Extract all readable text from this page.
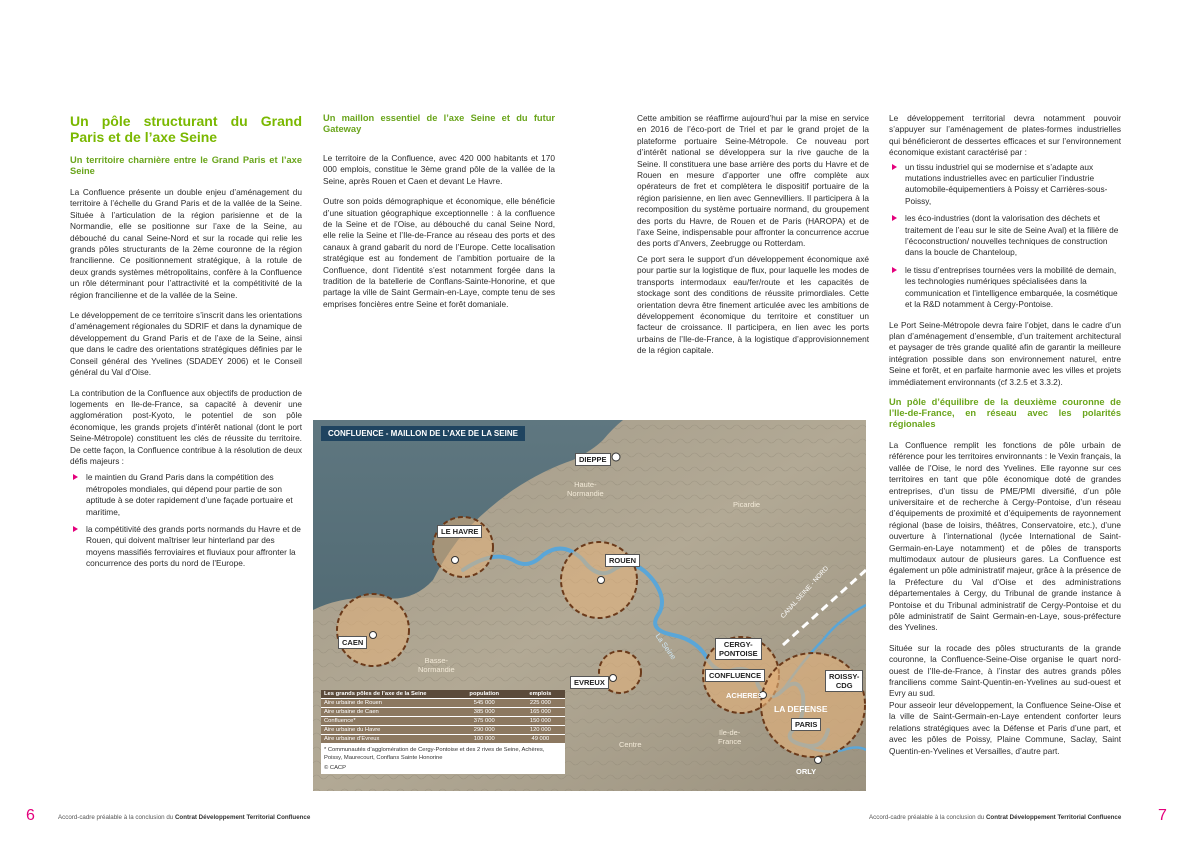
Un pôle structurant du Grand Paris et de l’axe Seine
Un territoire charnière entre le Grand Paris et l’axe Seine

La Confluence présente un double enjeu d’aménagement du territoire à l’échelle du Grand Paris et de la vallée de la Seine. Située à l’articulation de la région parisienne et de la Normandie, elle se positionne sur l’axe de la Seine, au débouché du canal Seine-Nord et sur la rocade qui relie les grands pôles structurants de la 2ème couronne de la région francilienne. Ce positionnement stratégique, à la rotule de deux grands systèmes métropolitains, confère à la Confluence un rôle déterminant pour l’attractivité et la compétitivité de la région francilienne et de la vallée de la Seine.

Le développement de ce territoire s’inscrit dans les orientations d’aménagement régionales du SDRIF et dans la dynamique de développement du Grand Paris et de l’axe de la Seine, ainsi que dans le cadre des orientations stratégiques définies par le Conseil général des Yvelines (SDADEY 2006) et le Conseil général du Val d’Oise.

La contribution de la Confluence aux objectifs de production de logements en Ile-de-France, sa capacité à devenir une agglomération post-Kyoto, le potentiel de son pôle économique, les grands projets d’intérêt national (dont le port Seine-Métropole) constituent les clés de réussite du territoire. De cette façon, la Confluence contribue à la résolution de deux défis majeurs :

le maintien du Grand Paris dans la compétition des métropoles mondiales, qui dépend pour partie de son aptitude à se doter rapidement d’une façade portuaire et maritime,
la compétitivité des grands ports normands du Havre et de Rouen, qui doivent maîtriser leur hinterland par des moyens massifiés ferroviaires et fluviaux pour affronter la concurrence des ports du nord de l’Europe.
Un maillon essentiel de l’axe Seine et du futur Gateway

Le territoire de la Confluence, avec 420 000 habitants et 170 000 emplois, constitue le 3ème grand pôle de la vallée de la Seine, après Rouen et Caen et devant Le Havre.

Outre son poids démographique et économique, elle bénéficie d’une situation géographique exceptionnelle : à la confluence de la Seine et de l’Oise, au débouché du canal Seine Nord, elle relie la Seine et l’Ile-de-France au réseau des ports et des canaux à grand gabarit du nord de l’Europe. Cette localisation stratégique est au fondement de l’ambition portuaire de la Confluence, dont l’identité s’est notamment forgée dans la tradition de la batellerie de Conflans-Sainte-Honorine, et que partage la ville de Saint Germain-en-Laye, compte tenu de ses emprises foncières entre Seine et forêt domaniale.

Cette ambition se réaffirme aujourd’hui par la mise en service en 2016 de l’éco-port de Triel et par le grand projet de la plateforme portuaire Seine-Métropole. Ce nouveau port d’intérêt national se développera sur la rive gauche de la Seine. Il constituera une base arrière des ports du Havre et de Rouen en mesure d’apporter une offre complète aux opérateurs de fret et complètera le dispositif portuaire de la région parisienne, en lien avec Gennevilliers. Il participera à la recomposition du système portuaire normand, du groupement des ports du Havre, de Rouen et de Paris (HAROPA) et de l’axe Seine, indispensable pour affronter la concurrence accrue des ports d’Anvers, Zeebrugge ou Rotterdam.

Ce port sera le support d’un développement économique axé pour partie sur la logistique de flux, pour laquelle les modes de transports intermodaux eau/fer/route et les capacités de stockage sont des conditions de réussite primordiales. Cette orientation devra être finement articulée avec les ambitions de développement économique du territoire et constituer un facteur de croissance. Il participera, en lien avec les ports urbains de l’Ile-de-France, à la logistique d’approvisionnement de la région capitale.

Le développement territorial devra notamment pouvoir s’appuyer sur l’aménagement de plates-formes industrielles qui bénéficieront de dessertes efficaces et sur l’environnement économique existant caractérisé par :

un tissu industriel qui se modernise et s’adapte aux mutations industrielles avec en particulier l’industrie automobile-équipementiers à Poissy et Carrières-sous-Poissy,
les éco-industries (dont la valorisation des déchets et traitement de l’eau sur le site de Seine Aval) et la filière de l’écoconstruction/ nouvelles techniques de construction dans la boucle de Chanteloup,
le tissu d’entreprises tournées vers la mobilité de demain, les technologies numériques spécialisées dans la communication et l’intelligence embarquée, la cosmétique et la R&D notamment à Cergy-Pontoise.

Le Port Seine-Métropole devra faire l’objet, dans le cadre d’un plan d’aménagement d’ensemble, d’un traitement architectural et paysager de très grande qualité afin de garantir la meilleure intégration possible dans son environnement naturel, entre Seine et forêt, et en parfaite harmonie avec les villes et projets immédiatement environnants (cf 3.2.5 et 3.3.2).

Un pôle d’équilibre de la deuxième couronne de l’Ile-de-France, en réseau avec les polarités régionales

La Confluence remplit les fonctions de pôle urbain de référence pour les territoires environnants : le Vexin français, la vallée de l’Oise, le nord des Yvelines. Elle rayonne sur ces territoires en tant que pôle économique doté de grandes entreprises, d’un tissu de PME/PMI diversifié, d’un pôle universitaire et de recherche à Cergy-Pontoise, d’un réseau d’équipements de proximité et d’équipements de rayonnement régional (base de loisirs, théâtres, Conservatoire, etc.), d’une ouverture à l’international (lycée International de Saint-Germain-en-Laye notamment) et de pôles de transports multimodaux autour de plusieurs gares. La Confluence est également un pôle administratif majeur, grâce à la présence de la Préfecture du Val d’Oise et des administrations départementales à Cergy, du Tribunal de grande instance à Pontoise et du Tribunal administratif de Cergy-Pontoise et du pôle administratif de Saint Germain-en-Laye, sous-préfecture des Yvelines.

Située sur la rocade des pôles structurants de la grande couronne, la Confluence-Seine-Oise organise le quart nord-ouest de l’Ile-de-France, à l’instar des autres grands pôles franciliens comme Saint-Quentin-en-Yvelines au sud-ouest et Evry au sud.

Pour asseoir leur développement, la Confluence Seine-Oise et la ville de Saint-Germain-en-Laye entendent conforter leurs relations stratégiques avec la Défense et Paris d’une part, et avec les pôles de Poissy, Plaine Commune, Saclay, Saint Quentin-en-Yvelines et Versailles, d’autre part.

CONFLUENCE - MAILLON DE L’AXE DE LA SEINE
DIEPPE
LE HAVRE
ROUEN
CAEN
EVREUX
CERGY-
PONTOISE
CONFLUENCE
ACHERES
LA DEFENSE
PARIS
ROISSY-
CDG
ORLY
Haute-
Normandie
Picardie
Basse-
Normandie
Centre
Ile-de-
France
La Seine
CANAL SEINE - NORD
Les grands pôles de l’axe de la Seine	population	emplois
Aire urbaine de Rouen	545 000	225 000
Aire urbaine de Caen	385 000	165 000
Confluence*	375 000	150 000
Aire urbaine du Havre	290 000	120 000
Aire urbaine d’Evreux	100 000	49 000
* Communautés d’agglomération de Cergy-Pontoise et des 2 rives de Seine, Achères, Poissy, Maurecourt, Conflans Sainte Honorine
© CACP
6	Accord-cadre préalable à la conclusion du Contrat Développement Territorial Confluence	Accord-cadre préalable à la conclusion du Contrat Développement Territorial Confluence 7
